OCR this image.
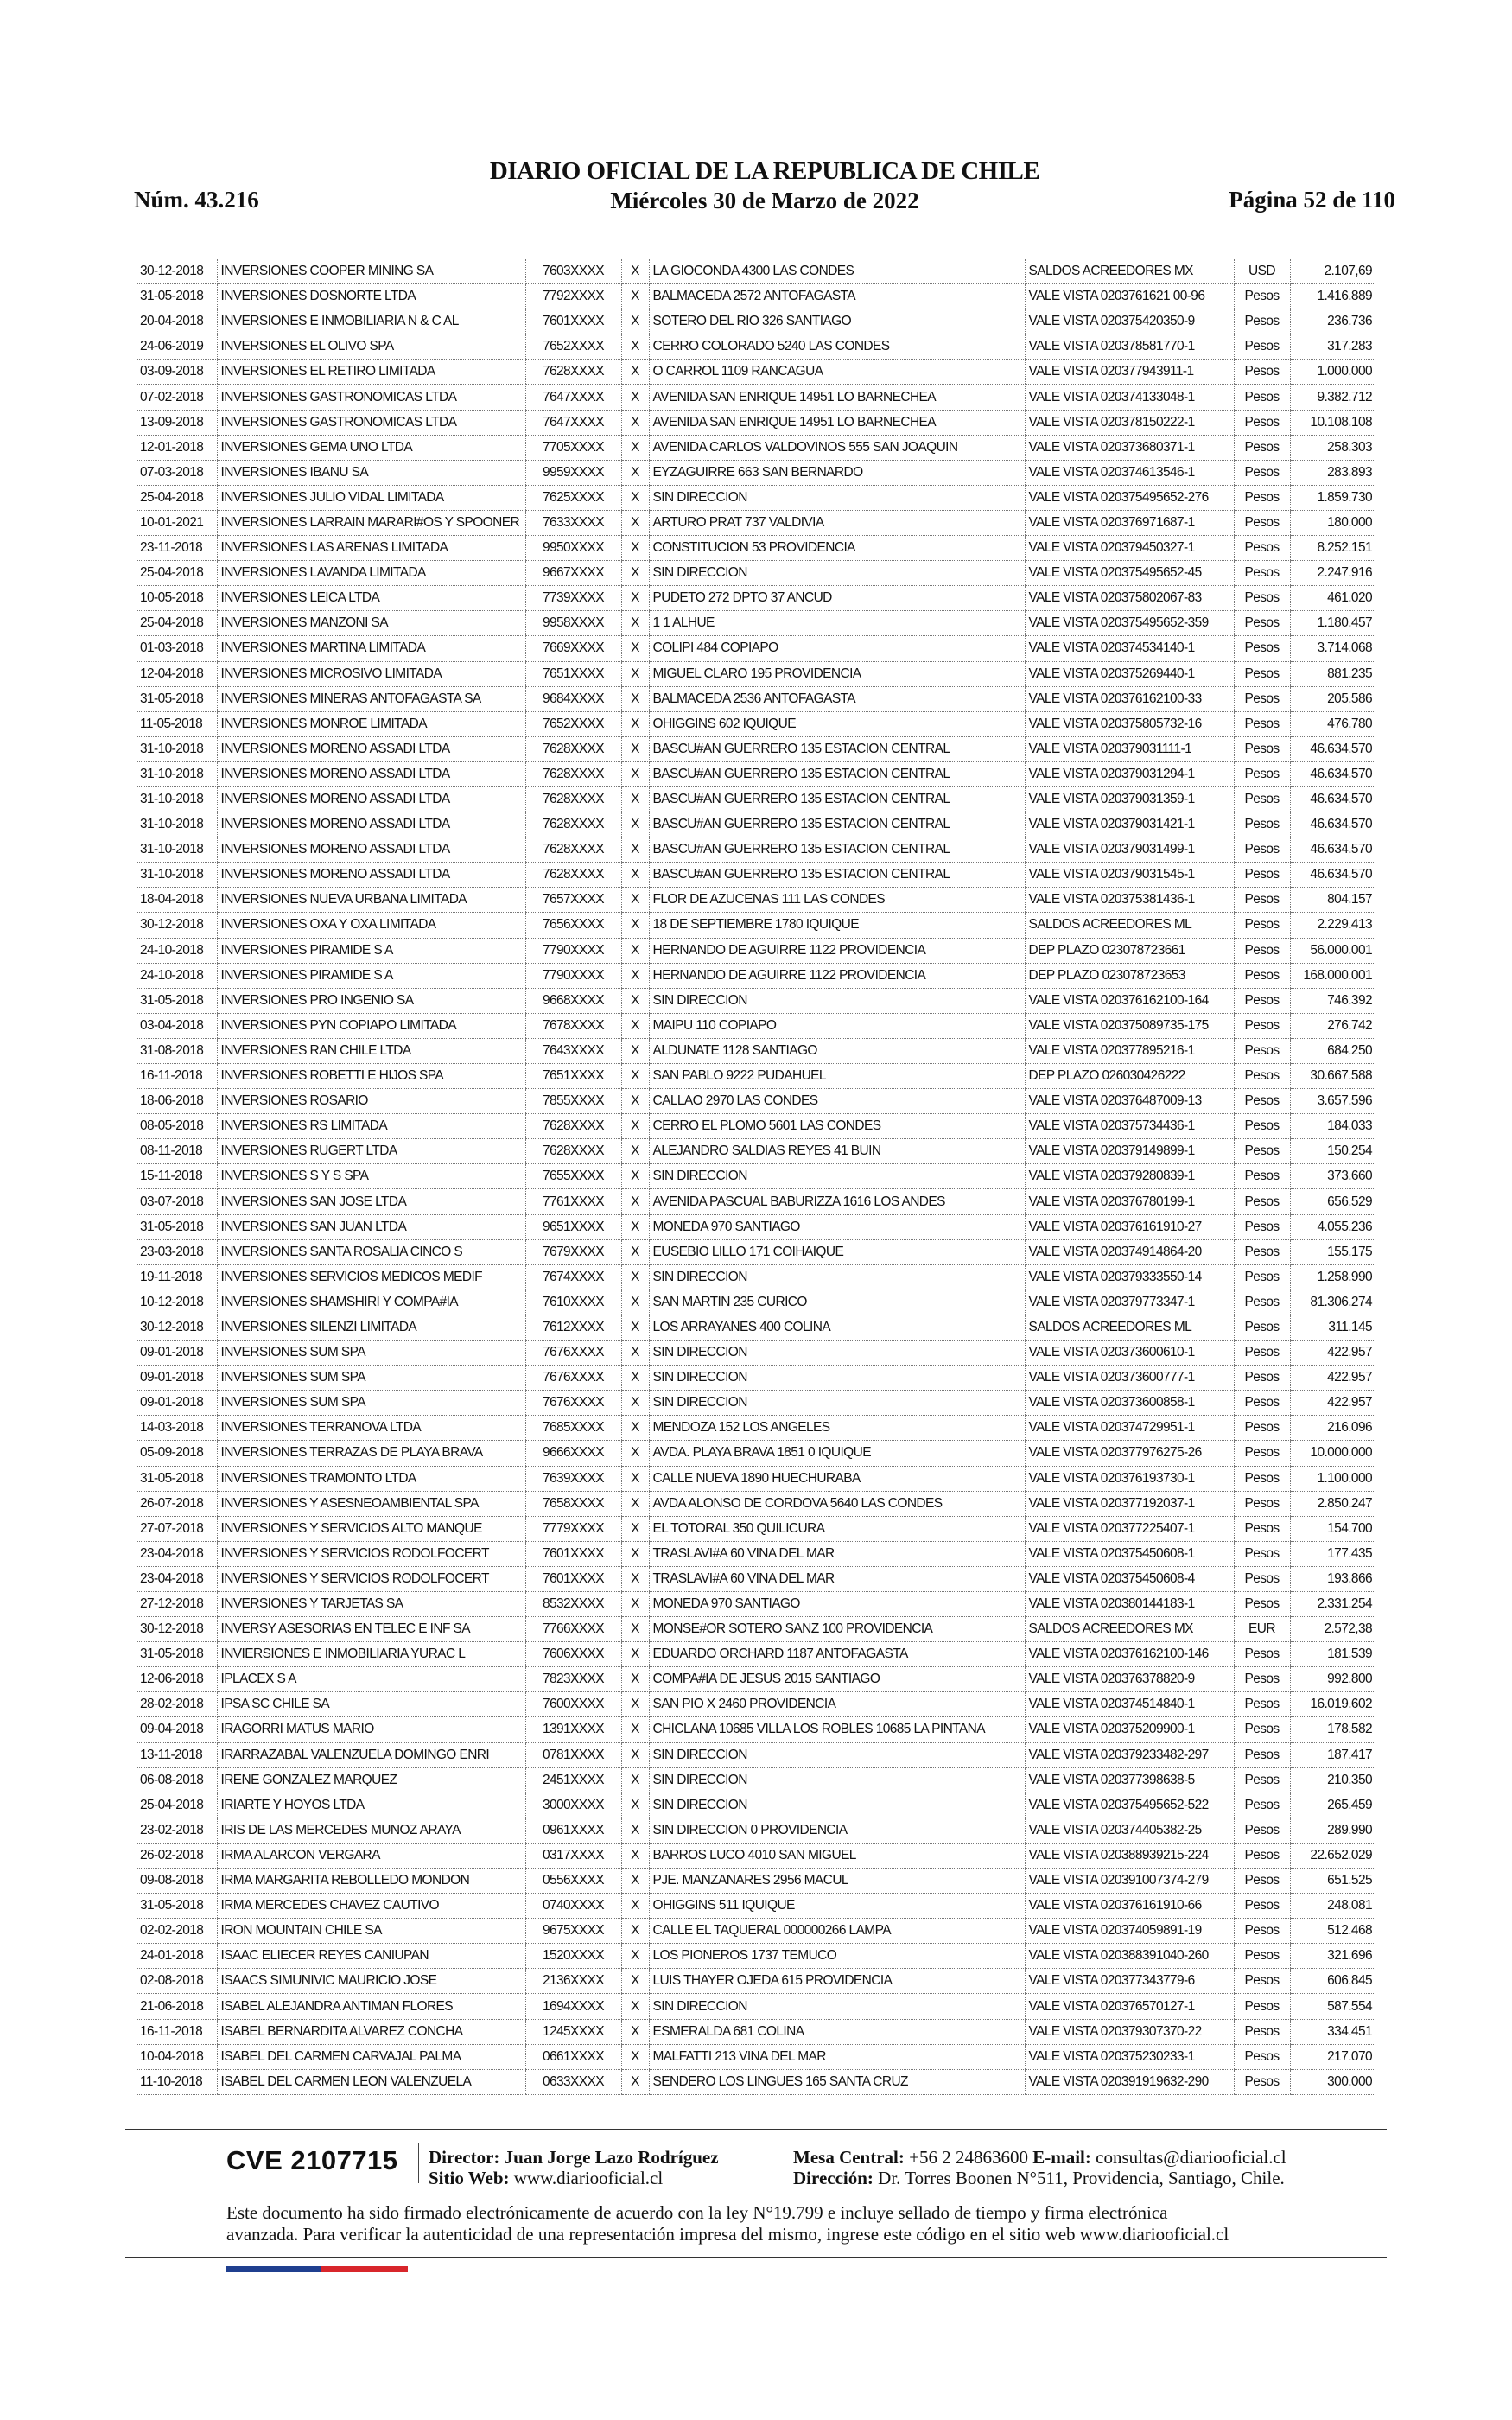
Núm. 43.216
DIARIO OFICIAL DE LA REPUBLICA DE CHILE
Miércoles 30 de Marzo de 2022	Página 52 de 110
30-12-2018	INVERSIONES COOPER MINING SA	7603XXXX	X	LA GIOCONDA 4300 LAS CONDES	SALDOS ACREEDORES MX	USD	2.107,69
31-05-2018	INVERSIONES DOSNORTE LTDA	7792XXXX	X	BALMACEDA 2572 ANTOFAGASTA	VALE VISTA 0203761621 00-96	Pesos	1.416.889
20-04-2018	INVERSIONES E INMOBILIARIA N & C AL	7601XXXX	X	SOTERO DEL RIO 326 SANTIAGO	VALE VISTA 020375420350-9	Pesos	236.736
24-06-2019	INVERSIONES EL OLIVO SPA	7652XXXX	X	CERRO COLORADO 5240 LAS CONDES	VALE VISTA 020378581770-1	Pesos	317.283
03-09-2018	INVERSIONES EL RETIRO LIMITADA	7628XXXX	X	O CARROL 1109 RANCAGUA	VALE VISTA 020377943911-1	Pesos	1.000.000
07-02-2018	INVERSIONES GASTRONOMICAS LTDA	7647XXXX	X	AVENIDA SAN ENRIQUE 14951 LO BARNECHEA	VALE VISTA 020374133048-1	Pesos	9.382.712
13-09-2018	INVERSIONES GASTRONOMICAS LTDA	7647XXXX	X	AVENIDA SAN ENRIQUE 14951 LO BARNECHEA	VALE VISTA 020378150222-1	Pesos	10.108.108
12-01-2018	INVERSIONES GEMA UNO LTDA	7705XXXX	X	AVENIDA CARLOS VALDOVINOS 555 SAN JOAQUIN	VALE VISTA 020373680371-1	Pesos	258.303
07-03-2018	INVERSIONES IBANU SA	9959XXXX	X	EYZAGUIRRE 663 SAN BERNARDO	VALE VISTA 020374613546-1	Pesos	283.893
25-04-2018	INVERSIONES JULIO VIDAL LIMITADA	7625XXXX	X	SIN DIRECCION	VALE VISTA 020375495652-276	Pesos	1.859.730
10-01-2021	INVERSIONES LARRAIN MARARI#OS Y SPOONER	7633XXXX	X	ARTURO PRAT 737 VALDIVIA	VALE VISTA 020376971687-1	Pesos	180.000
23-11-2018	INVERSIONES LAS ARENAS LIMITADA	9950XXXX	X	CONSTITUCION 53 PROVIDENCIA	VALE VISTA 020379450327-1	Pesos	8.252.151
25-04-2018	INVERSIONES LAVANDA LIMITADA	9667XXXX	X	SIN DIRECCION	VALE VISTA 020375495652-45	Pesos	2.247.916
10-05-2018	INVERSIONES LEICA LTDA	7739XXXX	X	PUDETO 272 DPTO 37 ANCUD	VALE VISTA 020375802067-83	Pesos	461.020
25-04-2018	INVERSIONES MANZONI SA	9958XXXX	X	1 1 ALHUE	VALE VISTA 020375495652-359	Pesos	1.180.457
01-03-2018	INVERSIONES MARTINA LIMITADA	7669XXXX	X	COLIPI 484 COPIAPO	VALE VISTA 020374534140-1	Pesos	3.714.068
12-04-2018	INVERSIONES MICROSIVO LIMITADA	7651XXXX	X	MIGUEL CLARO 195 PROVIDENCIA	VALE VISTA 020375269440-1	Pesos	881.235
31-05-2018	INVERSIONES MINERAS ANTOFAGASTA SA	9684XXXX	X	BALMACEDA 2536 ANTOFAGASTA	VALE VISTA 020376162100-33	Pesos	205.586
11-05-2018	INVERSIONES MONROE LIMITADA	7652XXXX	X	OHIGGINS 602 IQUIQUE	VALE VISTA 020375805732-16	Pesos	476.780
31-10-2018	INVERSIONES MORENO ASSADI LTDA	7628XXXX	X	BASCU#AN GUERRERO 135 ESTACION CENTRAL	VALE VISTA 020379031111-1	Pesos	46.634.570
31-10-2018	INVERSIONES MORENO ASSADI LTDA	7628XXXX	X	BASCU#AN GUERRERO 135 ESTACION CENTRAL	VALE VISTA 020379031294-1	Pesos	46.634.570
31-10-2018	INVERSIONES MORENO ASSADI LTDA	7628XXXX	X	BASCU#AN GUERRERO 135 ESTACION CENTRAL	VALE VISTA 020379031359-1	Pesos	46.634.570
31-10-2018	INVERSIONES MORENO ASSADI LTDA	7628XXXX	X	BASCU#AN GUERRERO 135 ESTACION CENTRAL	VALE VISTA 020379031421-1	Pesos	46.634.570
31-10-2018	INVERSIONES MORENO ASSADI LTDA	7628XXXX	X	BASCU#AN GUERRERO 135 ESTACION CENTRAL	VALE VISTA 020379031499-1	Pesos	46.634.570
31-10-2018	INVERSIONES MORENO ASSADI LTDA	7628XXXX	X	BASCU#AN GUERRERO 135 ESTACION CENTRAL	VALE VISTA 020379031545-1	Pesos	46.634.570
18-04-2018	INVERSIONES NUEVA URBANA LIMITADA	7657XXXX	X	FLOR DE AZUCENAS 111 LAS CONDES	VALE VISTA 020375381436-1	Pesos	804.157
30-12-2018	INVERSIONES OXA Y OXA LIMITADA	7656XXXX	X	18 DE SEPTIEMBRE 1780 IQUIQUE	SALDOS ACREEDORES ML	Pesos	2.229.413
24-10-2018	INVERSIONES PIRAMIDE S A	7790XXXX	X	HERNANDO DE AGUIRRE 1122 PROVIDENCIA	DEP PLAZO 023078723661	Pesos	56.000.001
24-10-2018	INVERSIONES PIRAMIDE S A	7790XXXX	X	HERNANDO DE AGUIRRE 1122 PROVIDENCIA	DEP PLAZO 023078723653	Pesos	168.000.001
31-05-2018	INVERSIONES PRO INGENIO SA	9668XXXX	X	SIN DIRECCION	VALE VISTA 020376162100-164	Pesos	746.392
03-04-2018	INVERSIONES PYN COPIAPO LIMITADA	7678XXXX	X	MAIPU 110 COPIAPO	VALE VISTA 020375089735-175	Pesos	276.742
31-08-2018	INVERSIONES RAN CHILE LTDA	7643XXXX	X	ALDUNATE 1128 SANTIAGO	VALE VISTA 020377895216-1	Pesos	684.250
16-11-2018	INVERSIONES ROBETTI E HIJOS SPA	7651XXXX	X	SAN PABLO 9222 PUDAHUEL	DEP PLAZO 026030426222	Pesos	30.667.588
18-06-2018	INVERSIONES ROSARIO	7855XXXX	X	CALLAO 2970 LAS CONDES	VALE VISTA 020376487009-13	Pesos	3.657.596
08-05-2018	INVERSIONES RS LIMITADA	7628XXXX	X	CERRO EL PLOMO 5601 LAS CONDES	VALE VISTA 020375734436-1	Pesos	184.033
08-11-2018	INVERSIONES RUGERT LTDA	7628XXXX	X	ALEJANDRO SALDIAS REYES 41 BUIN	VALE VISTA 020379149899-1	Pesos	150.254
15-11-2018	INVERSIONES S Y S SPA	7655XXXX	X	SIN DIRECCION	VALE VISTA 020379280839-1	Pesos	373.660
03-07-2018	INVERSIONES SAN JOSE LTDA	7761XXXX	X	AVENIDA PASCUAL BABURIZZA 1616 LOS ANDES	VALE VISTA 020376780199-1	Pesos	656.529
31-05-2018	INVERSIONES SAN JUAN LTDA	9651XXXX	X	MONEDA 970 SANTIAGO	VALE VISTA 020376161910-27	Pesos	4.055.236
23-03-2018	INVERSIONES SANTA ROSALIA CINCO S	7679XXXX	X	EUSEBIO LILLO 171 COIHAIQUE	VALE VISTA 020374914864-20	Pesos	155.175
19-11-2018	INVERSIONES SERVICIOS MEDICOS MEDIF	7674XXXX	X	SIN DIRECCION	VALE VISTA 020379333550-14	Pesos	1.258.990
10-12-2018	INVERSIONES SHAMSHIRI Y COMPA#IA	7610XXXX	X	SAN MARTIN 235 CURICO	VALE VISTA 020379773347-1	Pesos	81.306.274
30-12-2018	INVERSIONES SILENZI LIMITADA	7612XXXX	X	LOS ARRAYANES 400 COLINA	SALDOS ACREEDORES ML	Pesos	311.145
09-01-2018	INVERSIONES SUM SPA	7676XXXX	X	SIN DIRECCION	VALE VISTA 020373600610-1	Pesos	422.957
09-01-2018	INVERSIONES SUM SPA	7676XXXX	X	SIN DIRECCION	VALE VISTA 020373600777-1	Pesos	422.957
09-01-2018	INVERSIONES SUM SPA	7676XXXX	X	SIN DIRECCION	VALE VISTA 020373600858-1	Pesos	422.957
14-03-2018	INVERSIONES TERRANOVA LTDA	7685XXXX	X	MENDOZA 152 LOS ANGELES	VALE VISTA 020374729951-1	Pesos	216.096
05-09-2018	INVERSIONES TERRAZAS DE PLAYA BRAVA	9666XXXX	X	AVDA. PLAYA BRAVA 1851 0 IQUIQUE	VALE VISTA 020377976275-26	Pesos	10.000.000
31-05-2018	INVERSIONES TRAMONTO LTDA	7639XXXX	X	CALLE NUEVA 1890 HUECHURABA	VALE VISTA 020376193730-1	Pesos	1.100.000
26-07-2018	INVERSIONES Y ASESNEOAMBIENTAL SPA	7658XXXX	X	AVDA ALONSO DE CORDOVA 5640 LAS CONDES	VALE VISTA 020377192037-1	Pesos	2.850.247
27-07-2018	INVERSIONES Y SERVICIOS ALTO MANQUE	7779XXXX	X	EL TOTORAL 350 QUILICURA	VALE VISTA 020377225407-1	Pesos	154.700
23-04-2018	INVERSIONES Y SERVICIOS RODOLFOCERT	7601XXXX	X	TRASLAVI#A 60 VINA DEL MAR	VALE VISTA 020375450608-1	Pesos	177.435
23-04-2018	INVERSIONES Y SERVICIOS RODOLFOCERT	7601XXXX	X	TRASLAVI#A 60 VINA DEL MAR	VALE VISTA 020375450608-4	Pesos	193.866
27-12-2018	INVERSIONES Y TARJETAS SA	8532XXXX	X	MONEDA 970 SANTIAGO	VALE VISTA 020380144183-1	Pesos	2.331.254
30-12-2018	INVERSY ASESORIAS EN TELEC E INF SA	7766XXXX	X	MONSE#OR SOTERO SANZ 100 PROVIDENCIA	SALDOS ACREEDORES MX	EUR	2.572,38
31-05-2018	INVIERSIONES E INMOBILIARIA YURAC L	7606XXXX	X	EDUARDO ORCHARD 1187 ANTOFAGASTA	VALE VISTA 020376162100-146	Pesos	181.539
12-06-2018	IPLACEX S A	7823XXXX	X	COMPA#IA DE JESUS 2015 SANTIAGO	VALE VISTA 020376378820-9	Pesos	992.800
28-02-2018	IPSA SC CHILE SA	7600XXXX	X	SAN PIO X 2460 PROVIDENCIA	VALE VISTA 020374514840-1	Pesos	16.019.602
09-04-2018	IRAGORRI MATUS MARIO	1391XXXX	X	CHICLANA 10685 VILLA LOS ROBLES 10685 LA PINTANA	VALE VISTA 020375209900-1	Pesos	178.582
13-11-2018	IRARRAZABAL VALENZUELA DOMINGO ENRI	0781XXXX	X	SIN DIRECCION	VALE VISTA 020379233482-297	Pesos	187.417
06-08-2018	IRENE GONZALEZ MARQUEZ	2451XXXX	X	SIN DIRECCION	VALE VISTA 020377398638-5	Pesos	210.350
25-04-2018	IRIARTE Y HOYOS LTDA	3000XXXX	X	SIN DIRECCION	VALE VISTA 020375495652-522	Pesos	265.459
23-02-2018	IRIS DE LAS MERCEDES MUNOZ ARAYA	0961XXXX	X	SIN DIRECCION 0 PROVIDENCIA	VALE VISTA 020374405382-25	Pesos	289.990
26-02-2018	IRMA ALARCON VERGARA	0317XXXX	X	BARROS LUCO 4010 SAN MIGUEL	VALE VISTA 020388939215-224	Pesos	22.652.029
09-08-2018	IRMA MARGARITA REBOLLEDO MONDON	0556XXXX	X	PJE. MANZANARES 2956 MACUL	VALE VISTA 020391007374-279	Pesos	651.525
31-05-2018	IRMA MERCEDES CHAVEZ CAUTIVO	0740XXXX	X	OHIGGINS 511 IQUIQUE	VALE VISTA 020376161910-66	Pesos	248.081
02-02-2018	IRON MOUNTAIN CHILE SA	9675XXXX	X	CALLE EL TAQUERAL 000000266 LAMPA	VALE VISTA 020374059891-19	Pesos	512.468
24-01-2018	ISAAC ELIECER REYES CANIUPAN	1520XXXX	X	LOS PIONEROS 1737 TEMUCO	VALE VISTA 020388391040-260	Pesos	321.696
02-08-2018	ISAACS SIMUNIVIC MAURICIO JOSE	2136XXXX	X	LUIS THAYER OJEDA 615 PROVIDENCIA	VALE VISTA 020377343779-6	Pesos	606.845
21-06-2018	ISABEL ALEJANDRA ANTIMAN FLORES	1694XXXX	X	SIN DIRECCION	VALE VISTA 020376570127-1	Pesos	587.554
16-11-2018	ISABEL BERNARDITA ALVAREZ CONCHA	1245XXXX	X	ESMERALDA 681 COLINA	VALE VISTA 020379307370-22	Pesos	334.451
10-04-2018	ISABEL DEL CARMEN CARVAJAL PALMA	0661XXXX	X	MALFATTI 213 VINA DEL MAR	VALE VISTA 020375230233-1	Pesos	217.070
11-10-2018	ISABEL DEL CARMEN LEON VALENZUELA	0633XXXX	X	SENDERO LOS LINGUES 165 SANTA CRUZ	VALE VISTA 020391919632-290	Pesos	300.000
CVE 2107715 Director: Juan Jorge Lazo Rodríguez
Sitio Web: www.diariooficial.cl
Mesa Central: +56 2 24863600 E-mail: consultas@diariooficial.cl
Dirección: Dr. Torres Boonen N°511, Providencia, Santiago, Chile.
Este documento ha sido firmado electrónicamente de acuerdo con la ley N°19.799 e incluye sellado de tiempo y firma electrónica
avanzada. Para verificar la autenticidad de una representación impresa del mismo, ingrese este código en el sitio web www.diariooficial.cl
